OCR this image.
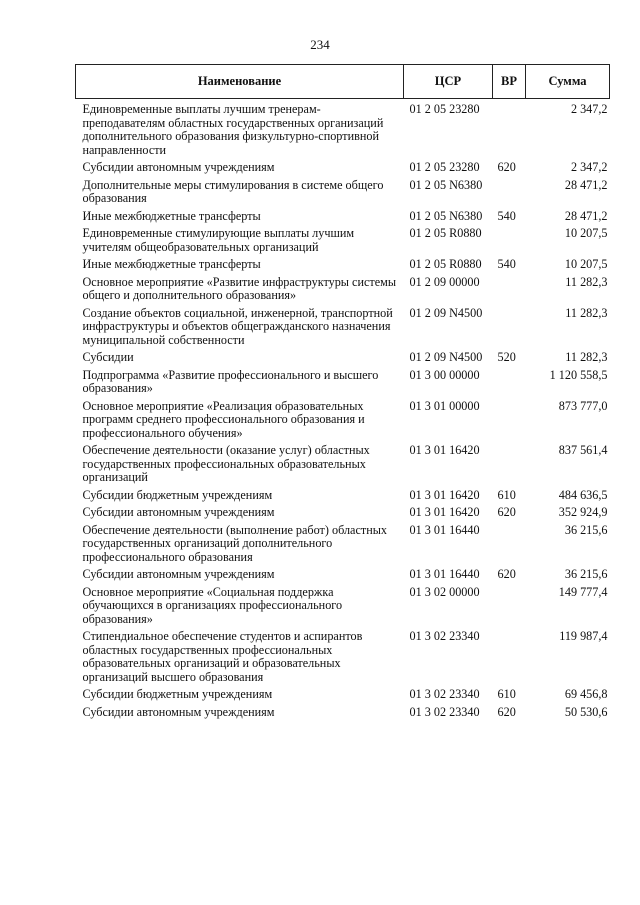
234
Наименование	ЦСР	ВР	Сумма
Единовременные выплаты лучшим тренерам-преподавателям областных государственных организаций дополнительного образования физкультурно-спортивной направленности	01 2 05 23280		2 347,2
Субсидии автономным учреждениям	01 2 05 23280	620	2 347,2
Дополнительные меры стимулирования в системе общего образования	01 2 05 N6380		28 471,2
Иные межбюджетные трансферты	01 2 05 N6380	540	28 471,2
Единовременные стимулирующие выплаты лучшим учителям общеобразовательных организаций	01 2 05 R0880		10 207,5
Иные межбюджетные трансферты	01 2 05 R0880	540	10 207,5
Основное мероприятие «Развитие инфраструктуры системы общего и дополнительного образования»	01 2 09 00000		11 282,3
Создание объектов социальной, инженерной, транспортной инфраструктуры и объектов общегражданского назначения муниципальной собственности	01 2 09 N4500		11 282,3
Субсидии	01 2 09 N4500	520	11 282,3
Подпрограмма «Развитие профессионального и высшего образования»	01 3 00 00000		1 120 558,5
Основное мероприятие «Реализация образовательных программ среднего профессионального образования и профессионального обучения»	01 3 01 00000		873 777,0
Обеспечение деятельности (оказание услуг) областных государственных профессиональных образовательных организаций	01 3 01 16420		837 561,4
Субсидии бюджетным учреждениям	01 3 01 16420	610	484 636,5
Субсидии автономным учреждениям	01 3 01 16420	620	352 924,9
Обеспечение деятельности (выполнение работ) областных государственных организаций дополнительного профессионального образования	01 3 01 16440		36 215,6
Субсидии автономным учреждениям	01 3 01 16440	620	36 215,6
Основное мероприятие «Социальная поддержка обучающихся в организациях профессионального образования»	01 3 02 00000		149 777,4
Стипендиальное обеспечение студентов и аспирантов областных государственных профессиональных образовательных организаций и образовательных организаций высшего образования	01 3 02 23340		119 987,4
Субсидии бюджетным учреждениям	01 3 02 23340	610	69 456,8
Субсидии автономным учреждениям	01 3 02 23340	620	50 530,6
